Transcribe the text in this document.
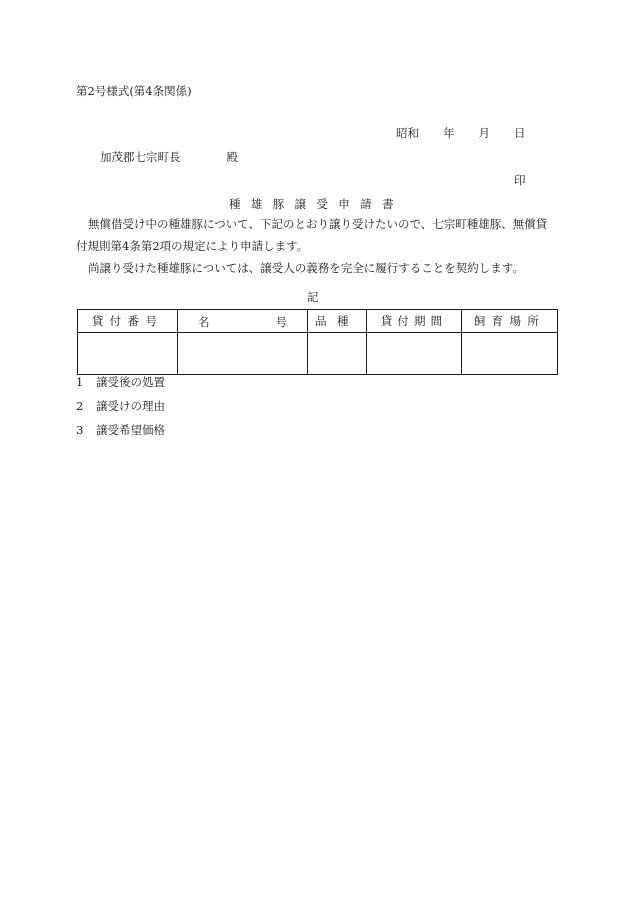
第2号様式(第4条関係)
昭和 年 月 日
加茂郡七宗町長	殿
印
種雄豚譲受申請書
無償借受け中の種雄豚について、下記のとおり譲り受けたいので、七宗町種雄豚、無償貸付規則第4条第2項の規定により申請します。
尚譲り受けた種雄豚については、譲受人の義務を完全に履行することを契約します。
記
貸付番号	名 号	品種	貸付期間	飼育場所

1 譲受後の処置
2 譲受けの理由
3 譲受希望価格
